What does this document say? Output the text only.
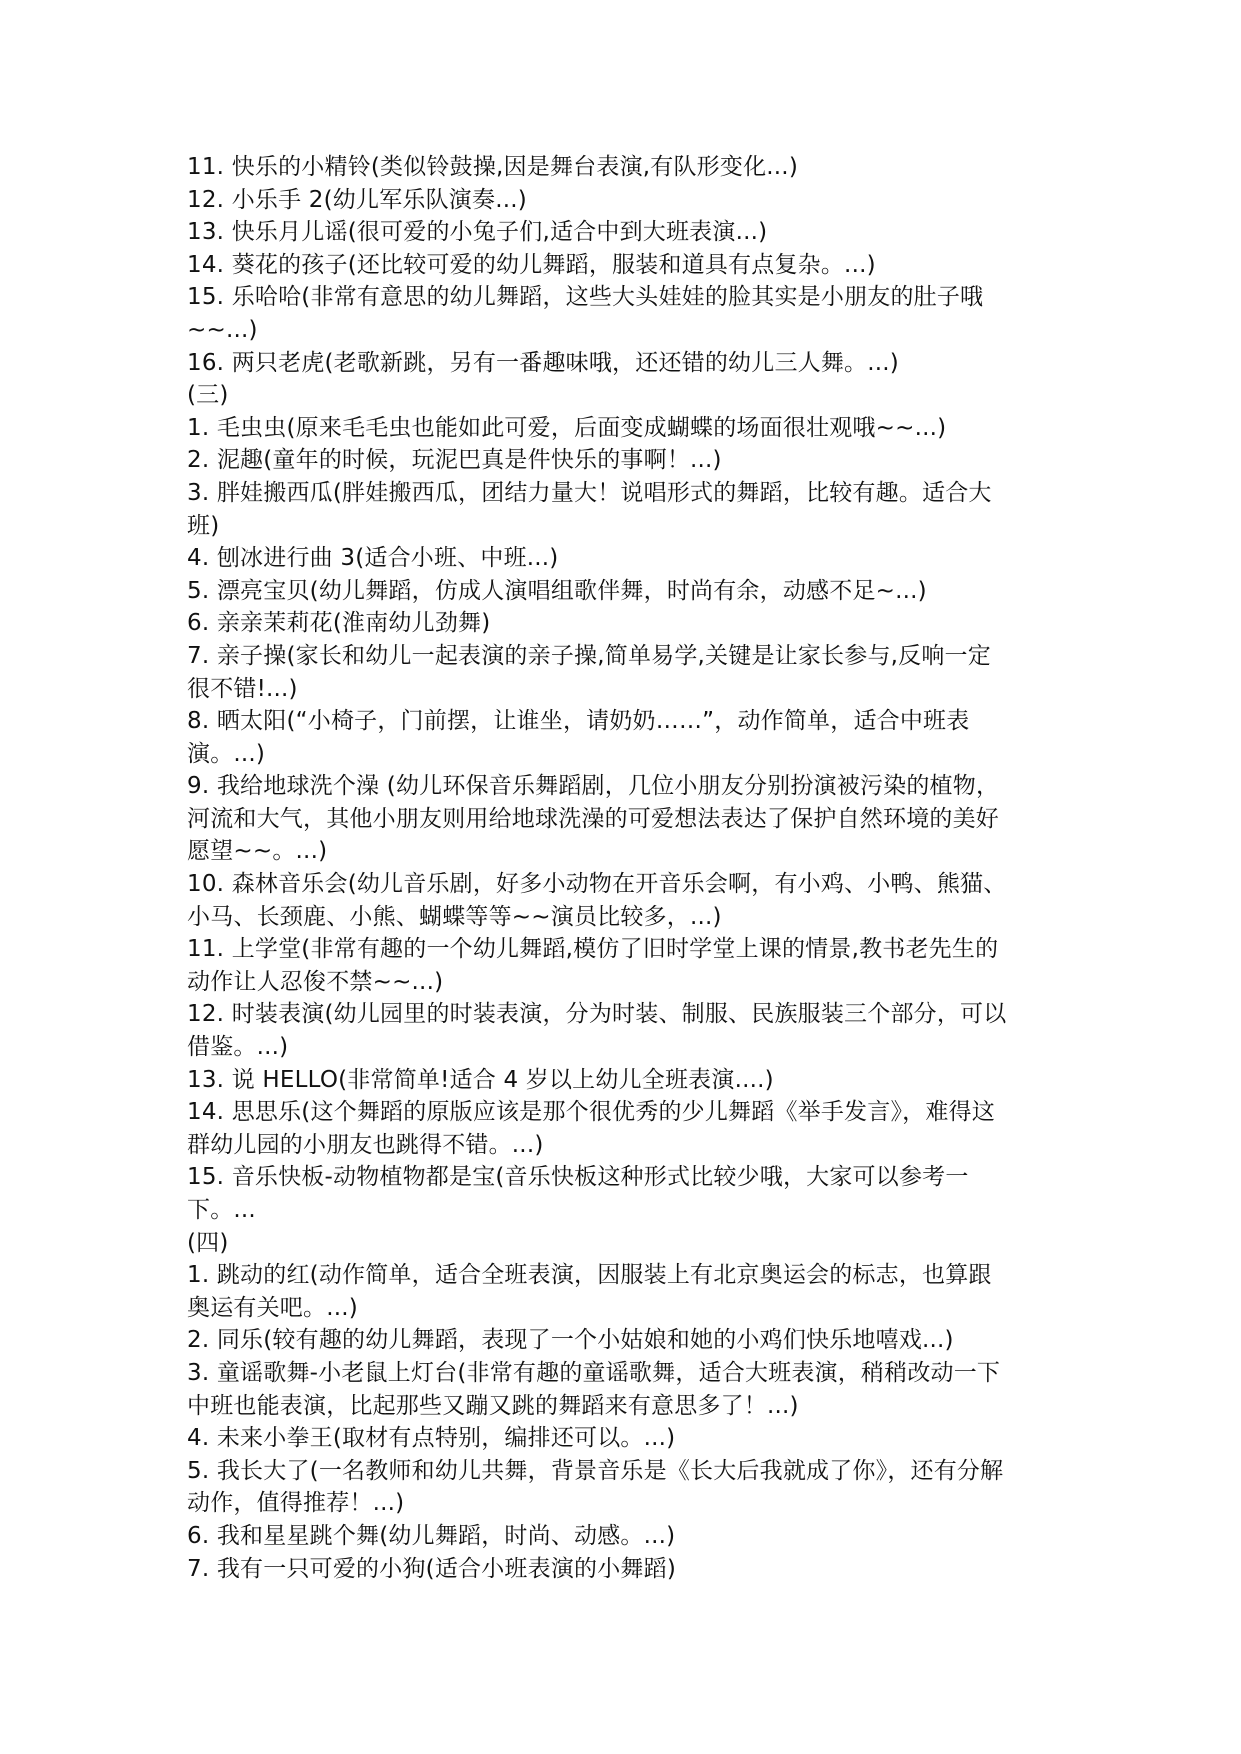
11. 快乐的小精铃(类似铃鼓操,因是舞台表演,有队形变化...)
12. 小乐手 2(幼儿军乐队演奏...)
13. 快乐月儿谣(很可爱的小兔子们,适合中到大班表演...)
14. 葵花的孩子(还比较可爱的幼儿舞蹈，服装和道具有点复杂。...)
15. 乐哈哈(非常有意思的幼儿舞蹈，这些大头娃娃的脸其实是小朋友的肚子哦
~~...)
16. 两只老虎(老歌新跳，另有一番趣味哦，还还错的幼儿三人舞。...)
(三)
1. 毛虫虫(原来毛毛虫也能如此可爱，后面变成蝴蝶的场面很壮观哦~~...)
2. 泥趣(童年的时候，玩泥巴真是件快乐的事啊！...)
3. 胖娃搬西瓜(胖娃搬西瓜，团结力量大！说唱形式的舞蹈，比较有趣。适合大
班)
4. 刨冰进行曲 3(适合小班、中班...)
5. 漂亮宝贝(幼儿舞蹈，仿成人演唱组歌伴舞，时尚有余，动感不足~...)
6. 亲亲茉莉花(淮南幼儿劲舞)
7. 亲子操(家长和幼儿一起表演的亲子操,简单易学,关键是让家长参与,反响一定
很不错!...)
8. 晒太阳(“小椅子，门前摆，让谁坐，请奶奶……”，动作简单，适合中班表
演。...)
9. 我给地球洗个澡 (幼儿环保音乐舞蹈剧，几位小朋友分别扮演被污染的植物，
河流和大气，其他小朋友则用给地球洗澡的可爱想法表达了保护自然环境的美好
愿望~~。...)
10. 森林音乐会(幼儿音乐剧，好多小动物在开音乐会啊，有小鸡、小鸭、熊猫、
小马、长颈鹿、小熊、蝴蝶等等~~演员比较多，...)
11. 上学堂(非常有趣的一个幼儿舞蹈,模仿了旧时学堂上课的情景,教书老先生的
动作让人忍俊不禁~~...)
12. 时装表演(幼儿园里的时装表演，分为时装、制服、民族服装三个部分，可以
借鉴。...)
13. 说 HELLO(非常简单!适合 4 岁以上幼儿全班表演....)
14. 思思乐(这个舞蹈的原版应该是那个很优秀的少儿舞蹈《举手发言》，难得这
群幼儿园的小朋友也跳得不错。...)
15. 音乐快板-动物植物都是宝(音乐快板这种形式比较少哦，大家可以参考一
下。...
(四)
1. 跳动的红(动作简单，适合全班表演，因服装上有北京奥运会的标志，也算跟
奥运有关吧。...)
2. 同乐(较有趣的幼儿舞蹈，表现了一个小姑娘和她的小鸡们快乐地嘻戏...)
3. 童谣歌舞-小老鼠上灯台(非常有趣的童谣歌舞，适合大班表演，稍稍改动一下
中班也能表演，比起那些又蹦又跳的舞蹈来有意思多了！...)
4. 未来小拳王(取材有点特别，编排还可以。...)
5. 我长大了(一名教师和幼儿共舞，背景音乐是《长大后我就成了你》，还有分解
动作，值得推荐！...)
6. 我和星星跳个舞(幼儿舞蹈，时尚、动感。...)
7. 我有一只可爱的小狗(适合小班表演的小舞蹈)
